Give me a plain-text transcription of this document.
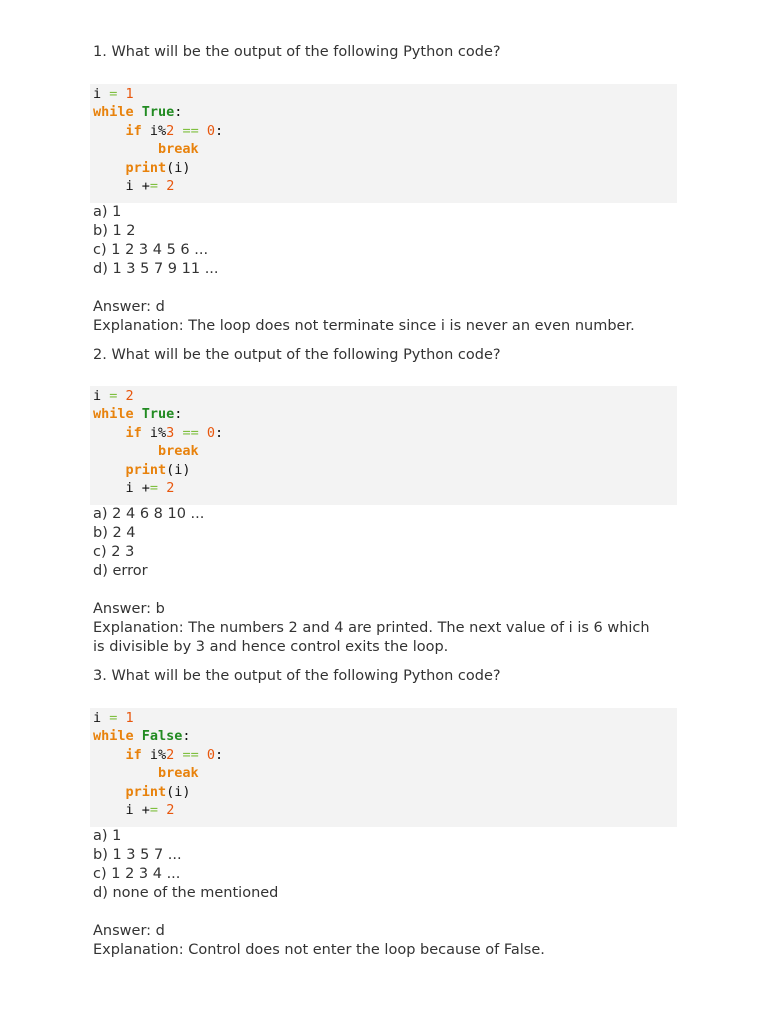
1. What will be the output of the following Python code?

i = 1
while True:
if i%2 == 0:
break
print(i)
i += 2
a) 1
b) 1 2
c) 1 2 3 4 5 6 ...
d) 1 3 5 7 9 11 ...

Answer: d

Explanation: The loop does not terminate since i is never an even number.

2. What will be the output of the following Python code?

i = 2
while True:
if i%3 == 0:
break
print(i)
i += 2
a) 2 4 6 8 10 ...
b) 2 4
c) 2 3
d) error

Answer: b

Explanation: The numbers 2 and 4 are printed. The next value of i is 6 which is divisible by 3 and hence control exits the loop.

3. What will be the output of the following Python code?

i = 1
while False:
if i%2 == 0:
break
print(i)
i += 2
a) 1
b) 1 3 5 7 ...
c) 1 2 3 4 ...
d) none of the mentioned

Answer: d

Explanation: Control does not enter the loop because of False.
